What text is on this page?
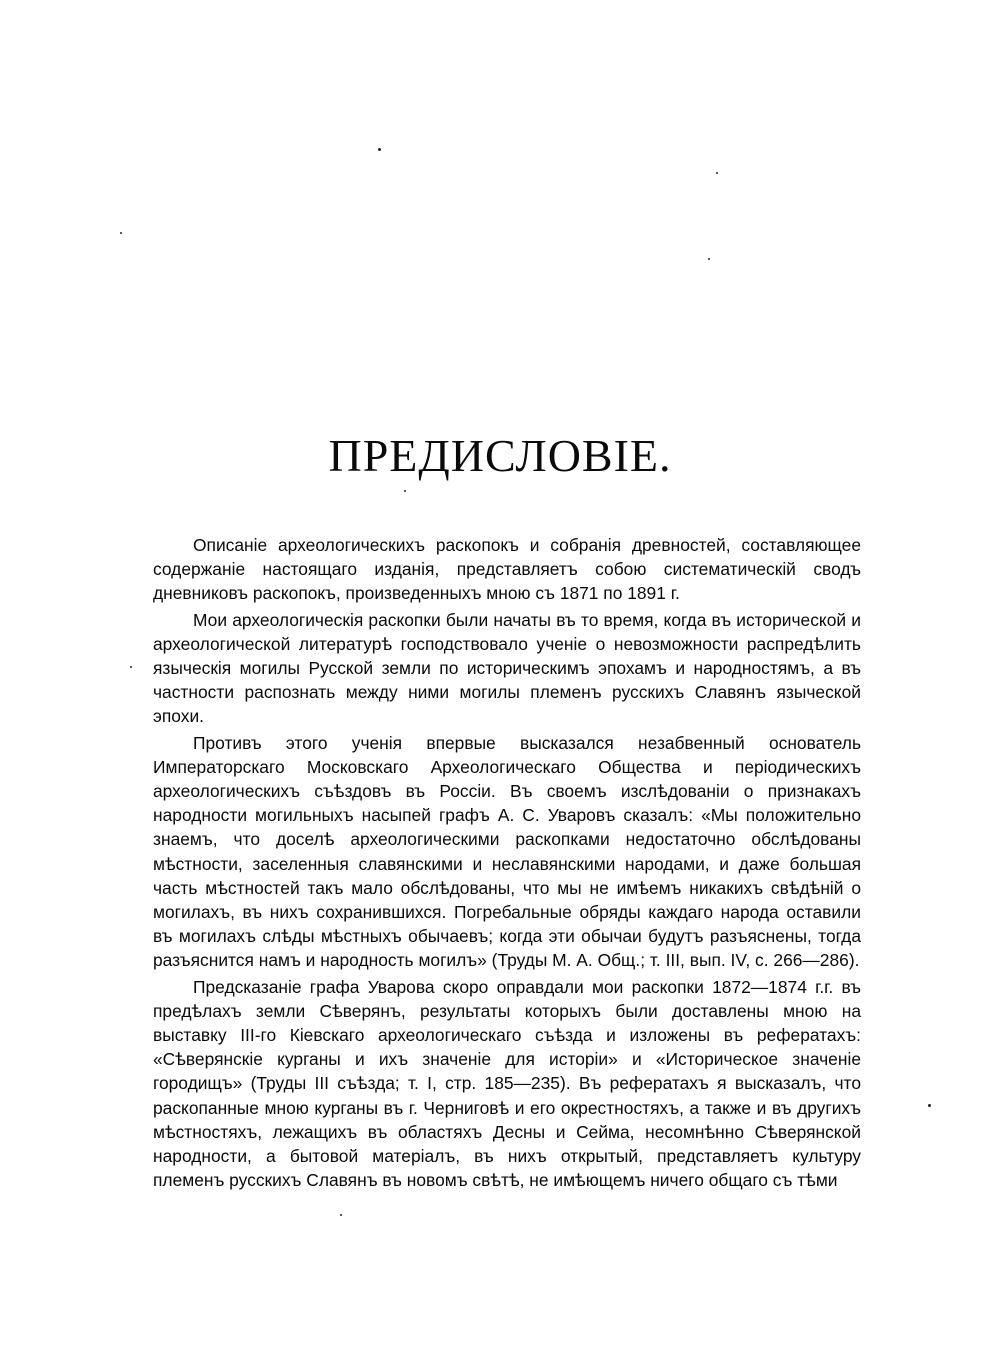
ПРЕДИСЛОВІЕ.

Описаніе археологическихъ раскопокъ и собранія древностей, составляющее содержаніе настоящаго изданія, представляетъ собою систематическій сводъ дневниковъ раскопокъ, произведенныхъ мною съ 1871 по 1891 г.

Мои археологическія раскопки были начаты въ то время, когда въ исторической и археологической литературѣ господствовало ученіе о невозможности распредѣлить языческія могилы Русской земли по историческимъ эпохамъ и народностямъ, а въ частности распознать между ними могилы племенъ русскихъ Славянъ языческой эпохи.

Противъ этого ученія впервые высказался незабвенный основатель Императорскаго Московскаго Археологическаго Общества и періодическихъ археологическихъ съѣздовъ въ Россіи. Въ своемъ изслѣдованіи о признакахъ народности могильныхъ насыпей графъ А. С. Уваровъ сказалъ: «Мы положительно знаемъ, что доселѣ археологическими раскопками недостаточно обслѣдованы мѣстности, заселенныя славянскими и неславянскими народами, и даже большая часть мѣстностей такъ мало обслѣдованы, что мы не имѣемъ никакихъ свѣдѣній о могилахъ, въ нихъ сохранившихся. Погребальные обряды каждаго народа оставили въ могилахъ слѣды мѣстныхъ обычаевъ; когда эти обычаи будутъ разъяснены, тогда разъяснится намъ и народность могилъ» (Труды М. А. Общ.; т. III, вып. IV, с. 266—286).

Предсказаніе графа Уварова скоро оправдали мои раскопки 1872—1874 г.г. въ предѣлахъ земли Сѣверянъ, результаты которыхъ были доставлены мною на выставку III-го Кіевскаго археологическаго съѣзда и изложены въ рефератахъ: «Сѣверянскіе курганы и ихъ значеніе для исторіи» и «Историческое значеніе городищъ» (Труды III съѣзда; т. I, стр. 185—235). Въ рефератахъ я высказалъ, что раскопанные мною курганы въ г. Черниговѣ и его окрестностяхъ, а также и въ другихъ мѣстностяхъ, лежащихъ въ областяхъ Десны и Сейма, несомнѣнно Сѣверянской народности, а бытовой матеріалъ, въ нихъ открытый, представляетъ культуру племенъ русскихъ Славянъ въ новомъ свѣтѣ, не имѣющемъ ничего общаго съ тѣми
